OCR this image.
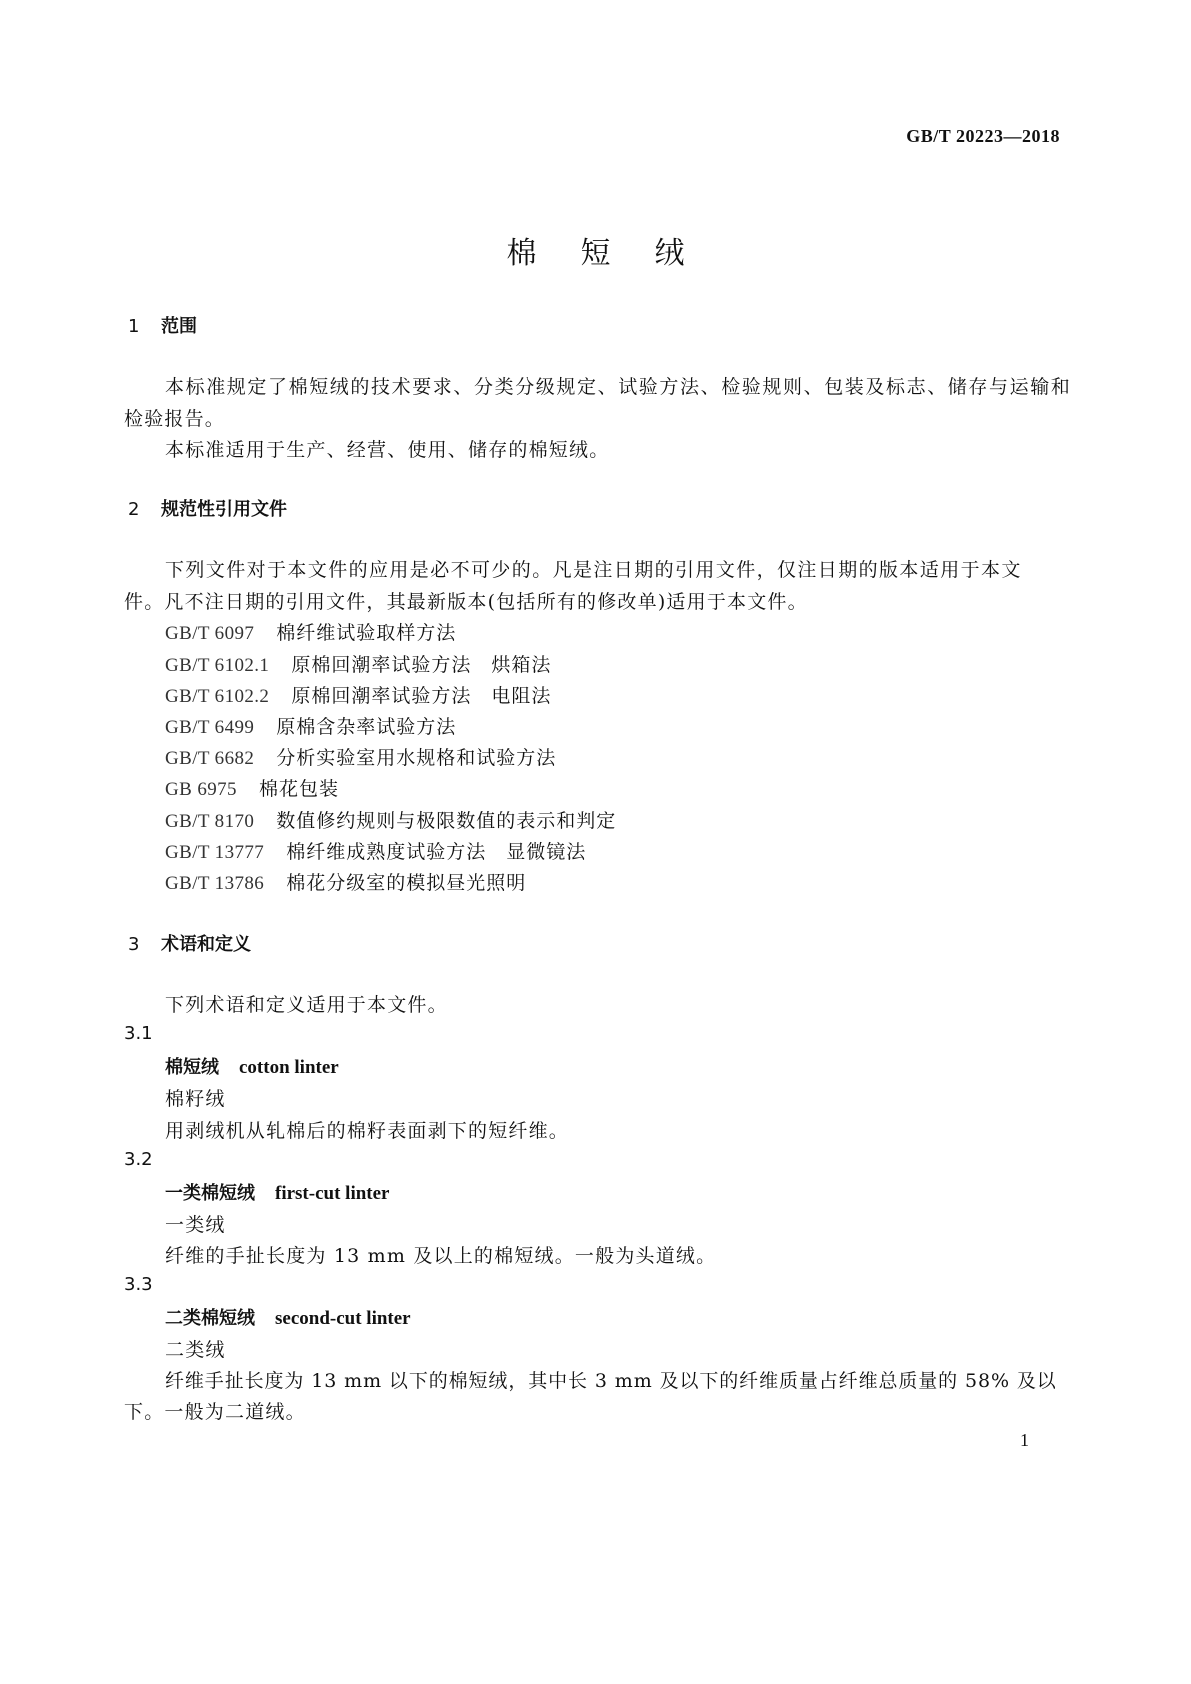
GB/T 20223—2018
棉短绒
1 范围
本标准规定了棉短绒的技术要求、分类分级规定、试验方法、检验规则、包装及标志、储存与运输和
检验报告。
本标准适用于生产、经营、使用、储存的棉短绒。
2 规范性引用文件
下列文件对于本文件的应用是必不可少的。凡是注日期的引用文件，仅注日期的版本适用于本文
件。凡不注日期的引用文件，其最新版本(包括所有的修改单)适用于本文件。
GB/T 6097 棉纤维试验取样方法
GB/T 6102.1 原棉回潮率试验方法　烘箱法
GB/T 6102.2 原棉回潮率试验方法　电阻法
GB/T 6499 原棉含杂率试验方法
GB/T 6682 分析实验室用水规格和试验方法
GB 6975 棉花包装
GB/T 8170 数值修约规则与极限数值的表示和判定
GB/T 13777 棉纤维成熟度试验方法　显微镜法
GB/T 13786 棉花分级室的模拟昼光照明
3 术语和定义
下列术语和定义适用于本文件。
3.1
棉短绒 cotton linter
棉籽绒
用剥绒机从轧棉后的棉籽表面剥下的短纤维。
3.2
一类棉短绒 first-cut linter
一类绒
纤维的手扯长度为 13 mm 及以上的棉短绒。一般为头道绒。
3.3
二类棉短绒 second-cut linter
二类绒
纤维手扯长度为 13 mm 以下的棉短绒，其中长 3 mm 及以下的纤维质量占纤维总质量的 58% 及以
下。一般为二道绒。
1
